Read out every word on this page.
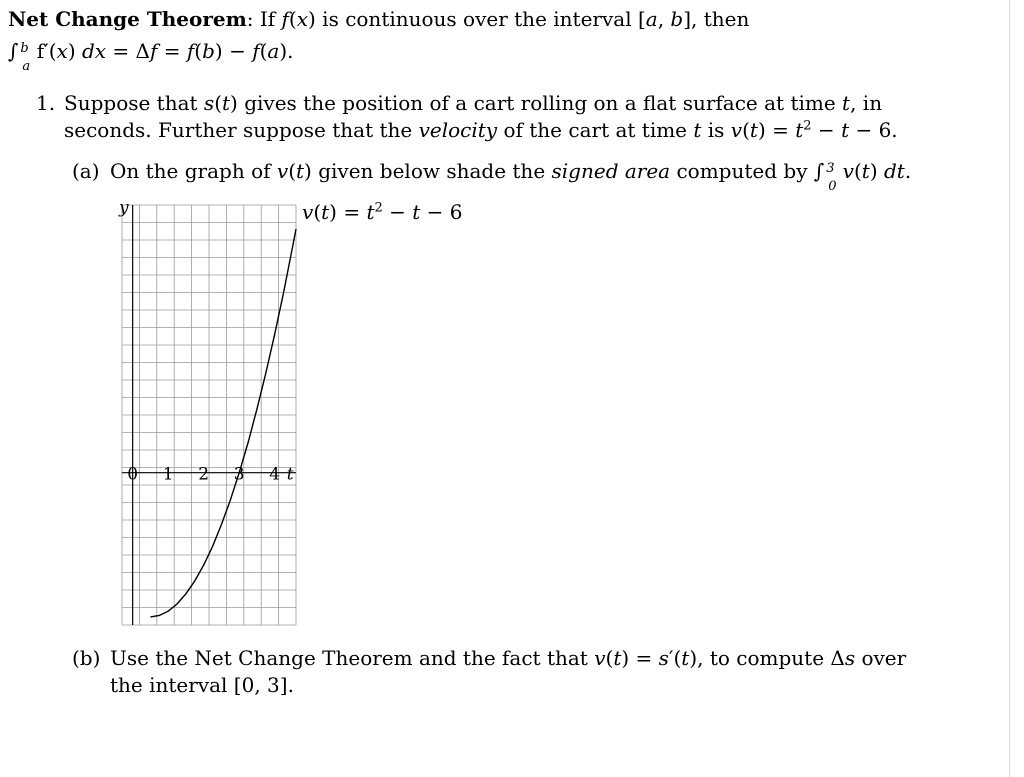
Net Change Theorem: If f(x) is continuous over the interval [a, b], then
∫ b
a
f′(x) dx = Δf = f(b) − f(a).
1. Suppose that s(t) gives the position of a cart rolling on a flat surface at time t, in
seconds. Further suppose that the velocity of the cart at time t is $v(t) = t^2 - t - 6$.
(a) On the graph of v(t) given below shade the signed area computed by ∫ 3
0
v(t) dt.
0 1 2 3 4 t
y	$v(t) = t^2 - t - 6$
(b) Use the Net Change Theorem and the fact that v(t) = s′(t), to compute Δs over
the interval [0, 3].
